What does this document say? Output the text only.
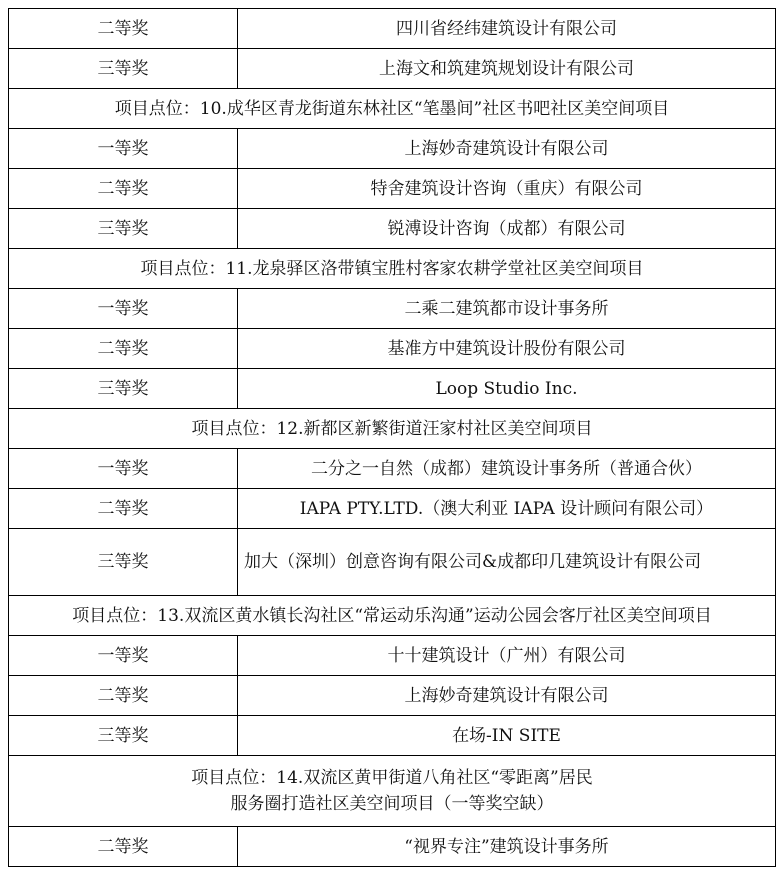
二等奖	四川省经纬建筑设计有限公司
三等奖	上海文和筑建筑规划设计有限公司
项目点位：10.成华区青龙街道东林社区“笔墨间”社区书吧社区美空间项目	
一等奖	上海妙奇建筑设计有限公司
二等奖	特舍建筑设计咨询（重庆）有限公司
三等奖	锐溥设计咨询（成都）有限公司
项目点位：11.龙泉驿区洛带镇宝胜村客家农耕学堂社区美空间项目	
一等奖	二乘二建筑都市设计事务所
二等奖	基准方中建筑设计股份有限公司
三等奖	Loop Studio Inc.
项目点位：12.新都区新繁街道汪家村社区美空间项目	
一等奖	二分之一自然（成都）建筑设计事务所（普通合伙）
二等奖	IAPA PTY.LTD.（澳大利亚 IAPA 设计顾问有限公司）
三等奖	加大（深圳）创意咨询有限公司&成都印几建筑设计有限公司
项目点位：13.双流区黄水镇长沟社区“常运动乐沟通”运动公园会客厅社区美空间项目	
一等奖	十十建筑设计（广州）有限公司
二等奖	上海妙奇建筑设计有限公司
三等奖	在场-IN SITE

项目点位：14.双流区黄甲街道八角社区“零距离”居民
服务圈打造社区美空间项目（一等奖空缺）	

二等奖	“视界专注”建筑设计事务所
